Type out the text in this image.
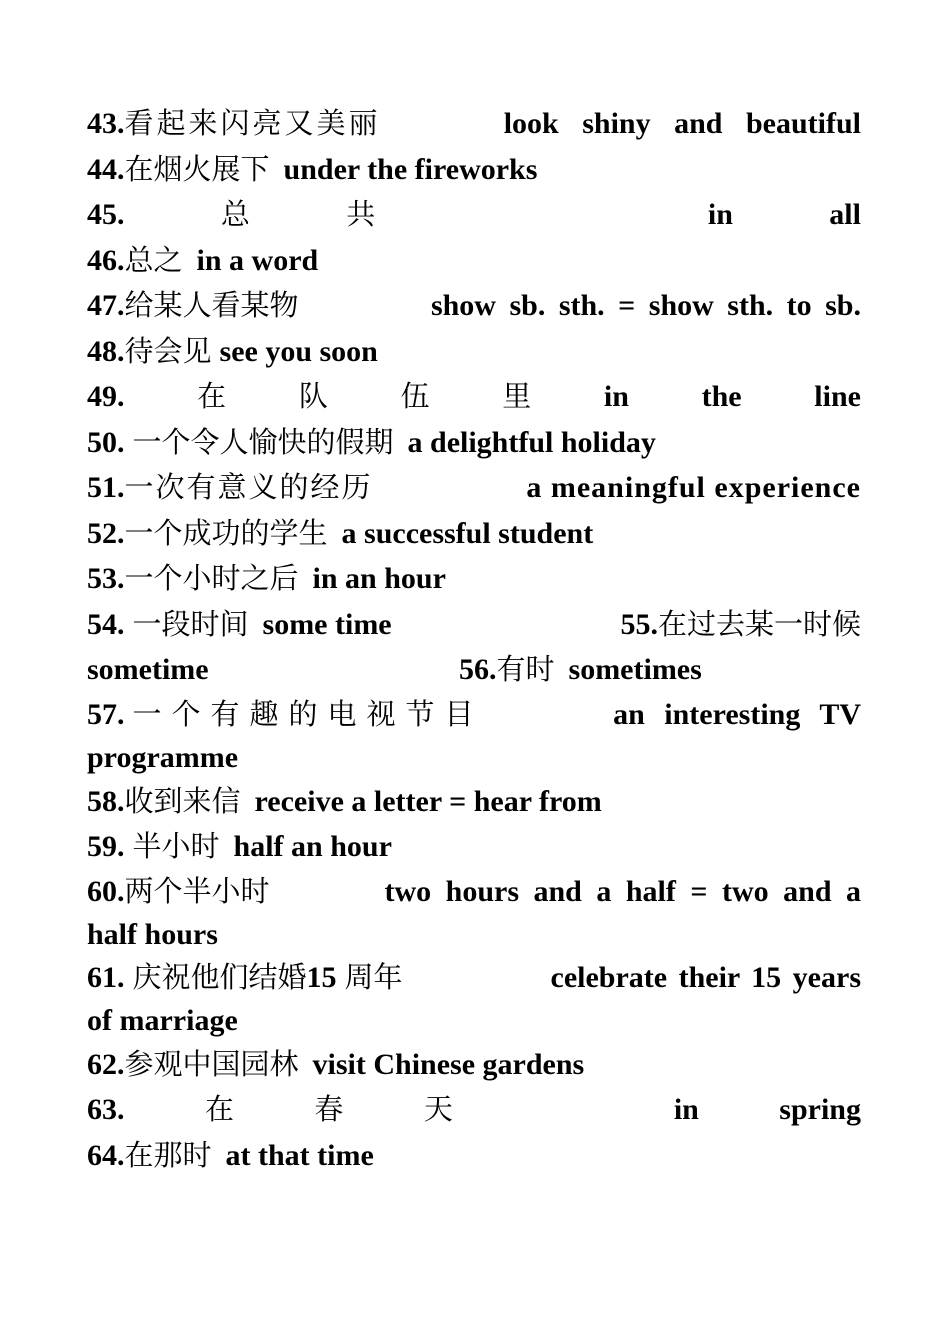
43.看起来闪亮又美丽	look shiny and beautiful
44. 在烟火展下 under the fireworks
45.	总	共	in	all
46. 总之 in a word
47.给某人看某物	show sb. sth. = show sth. to sb.
48. 待会见 see you soon
49.	在	队	伍	里 in the line
50. 一个令人愉快的假期 a delightful holiday
51.一次有意义的经历	a meaningful experience
52. 一个成功的学生 a successful student
53. 一个小时之后 in an hour
54. 一段时间 some time	55.在过去某一时候
sometime	56. 有时 sometimes
57. 一个有趣的电视节目	an interesting TV
programme
58. 收到来信 receive a letter = hear from
59. 半小时 half an hour
60.两个半小时	two hours and a half = two and a
half hours
61. 庆祝他们结婚15 周年	celebrate their 15 years
of marriage
62. 参观中国园林 visit Chinese gardens
63.	在	春	天	in	spring
64. 在那时 at that time
